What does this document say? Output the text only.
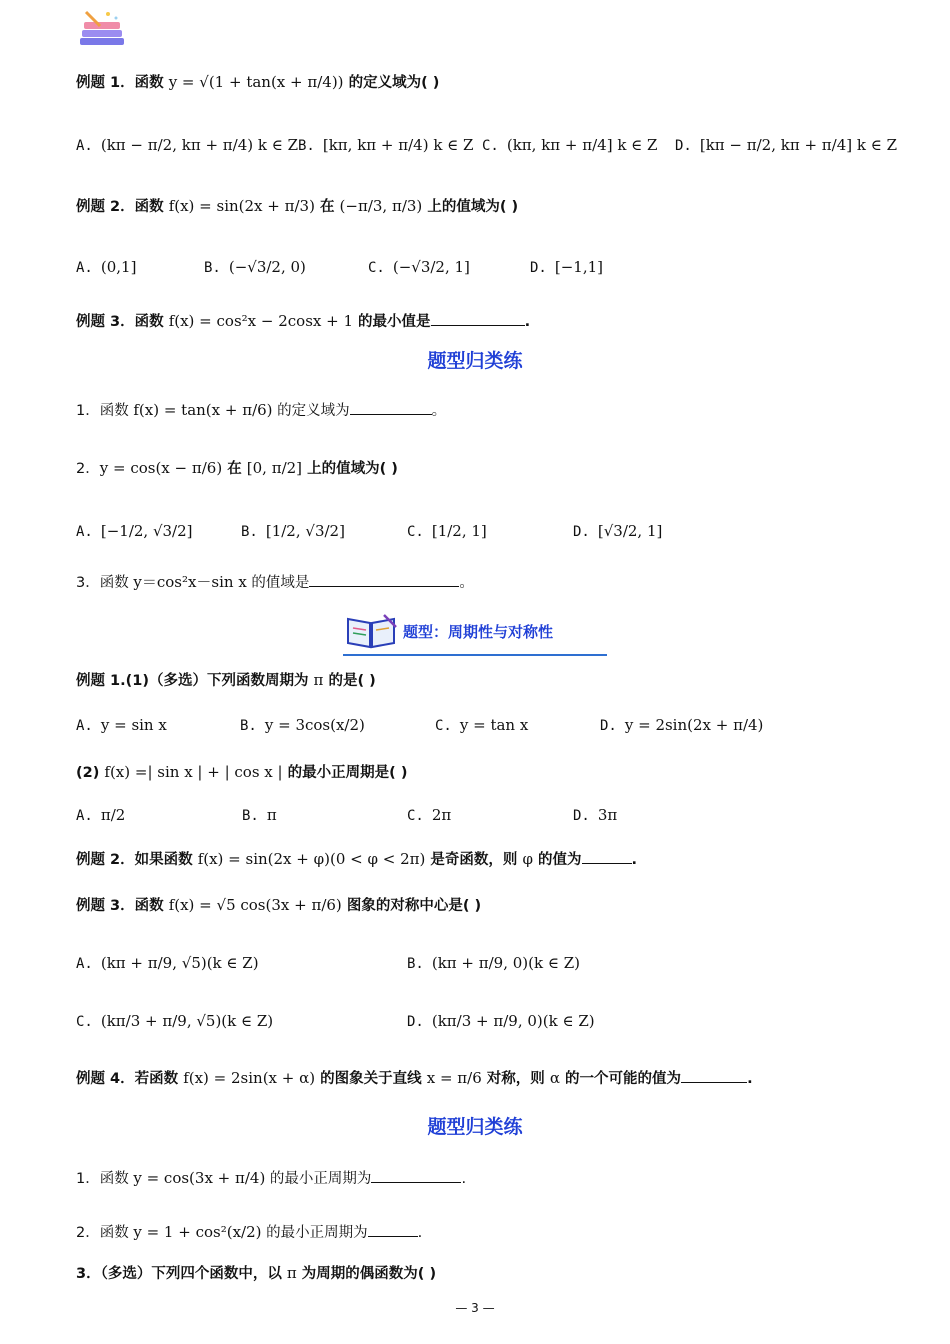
例题 1．函数 y = √(1 + tan(x + π/4)) 的定义域为( )
A. (kπ − π/2, kπ + π/4) k ∈ Z B. [kπ, kπ + π/4) k ∈ Z C. (kπ, kπ + π/4] k ∈ Z D. [kπ − π/2, kπ + π/4] k ∈ Z
例题 2．函数 f(x) = sin(2x + π/3) 在 (−π/3, π/3) 上的值域为( )
A. (0,1]	B. (−√3/2, 0)	C. (−√3/2, 1]	D. [−1,1]
例题 3．函数 f(x) = cos²x − 2cosx + 1 的最小值是	.
题型归类练
1．函数 f(x) = tan(x + π/6) 的定义域为	。
2．y = cos(x − π/6) 在 [0, π/2] 上的值域为( )
A. [−1/2, √3/2]	B. [1/2, √3/2]	C. [1/2, 1]	D. [√3/2, 1]
3．函数 y＝cos²x－sin x 的值域是	。
题型：周期性与对称性
例题 1.(1)（多选）下列函数周期为 π 的是( )
A. y = sin x	B. y = 3cos(x/2)	C. y = tan x	D. y = 2sin(2x + π/4)
(2) f(x) =| sin x | + | cos x | 的最小正周期是( )
A. π/2	B. π	C. 2π	D. 3π
例题 2．如果函数 f(x) = sin(2x + φ)(0 < φ < 2π) 是奇函数，则 φ 的值为	.
例题 3．函数 f(x) = √5 cos(3x + π/6) 图象的对称中心是( )
A. (kπ + π/9, √5)(k ∈ Z)	B. (kπ + π/9, 0)(k ∈ Z)
C. (kπ/3 + π/9, √5)(k ∈ Z)	D. (kπ/3 + π/9, 0)(k ∈ Z)
例题 4．若函数 f(x) = 2sin(x + α) 的图象关于直线 x = π/6 对称，则 α 的一个可能的值为	.
题型归类练
1．函数 y = cos(3x + π/4) 的最小正周期为	.
2．函数 y = 1 + cos²(x/2) 的最小正周期为	.
3．（多选）下列四个函数中，以 π 为周期的偶函数为( )
— 3 —
